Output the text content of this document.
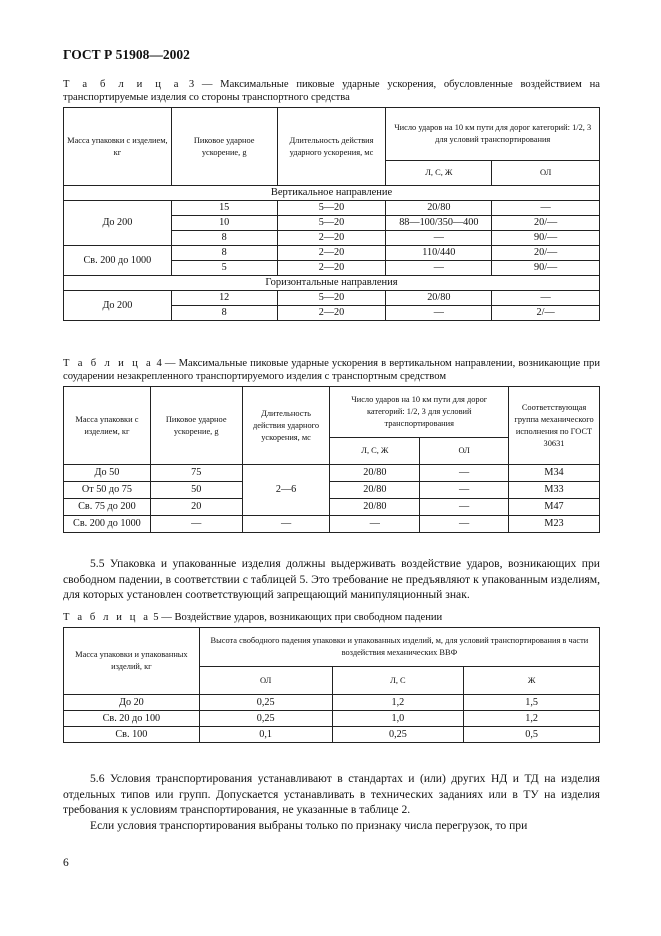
ГОСТ Р 51908—2002
Т а б л и ц а 3 — Максимальные пиковые ударные ускорения, обусловленные воздействием на транспортируемые изделия со стороны транспортного средства
Масса упаковки с изделием, кг	Пиковое ударное ускорение, g	Длительность действия ударного ускорения, мс	Число ударов на 10 км пути для дорог категорий: 1/2, 3 для условий транспортирования	
			Л, С, Ж	ОЛ
Вертикальное направление				
До 200	15	5—20	20/80	—
	10	5—20	88—100/350—400	20/—
	8	2—20	—	90/—
Св. 200 до 1000	8	2—20	110/440	20/—
	5	2—20	—	90/—
Горизонтальные направления				
До 200	12	5—20	20/80	—
	8	2—20	—	2/—
Т а б л и ц а 4 — Максимальные пиковые ударные ускорения в вертикальном направлении, возникающие при соударении незакрепленного транспортируемого изделия с транспортным средством
Масса упаковки с изделием, кг	Пиковое ударное ускорение, g	Длительность действия ударного ускорения, мс	Число ударов на 10 км пути для дорог категорий: 1/2, 3 для условий транспортирования		Соответствующая группа механического исполнения по ГОСТ 30631
			Л, С, Ж	ОЛ	
До 50	75	2—6	20/80	—	M34
От 50 до 75	50		20/80	—	M33
Св. 75 до 200	20		20/80	—	M47
Св. 200 до 1000	—	—	—	—	M23

5.5 Упаковка и упакованные изделия должны выдерживать воздействие ударов, возникающих при свободном падении, в соответствии с таблицей 5. Это требование не предъявляют к упакованным изделиям, для которых установлен соответствующий запрещающий манипуляционный знак.

Т а б л и ц а 5 — Воздействие ударов, возникающих при свободном падении
Масса упаковки и упакованных изделий, кг	Высота свободного падения упаковки и упакованных изделий, м, для условий транспортирования в части воздействия механических ВВФ		
	ОЛ	Л, С	Ж
До 20	0,25	1,2	1,5
Св. 20 до 100	0,25	1,0	1,2
Св. 100	0,1	0,25	0,5

5.6 Условия транспортирования устанавливают в стандартах и (или) других НД и ТД на изделия отдельных типов или групп. Допускается устанавливать в технических заданиях или в ТУ на изделия требования к условиям транспортирования, не указанные в таблице 2.

Если условия транспортирования выбраны только по признаку числа перегрузок, то при

6
